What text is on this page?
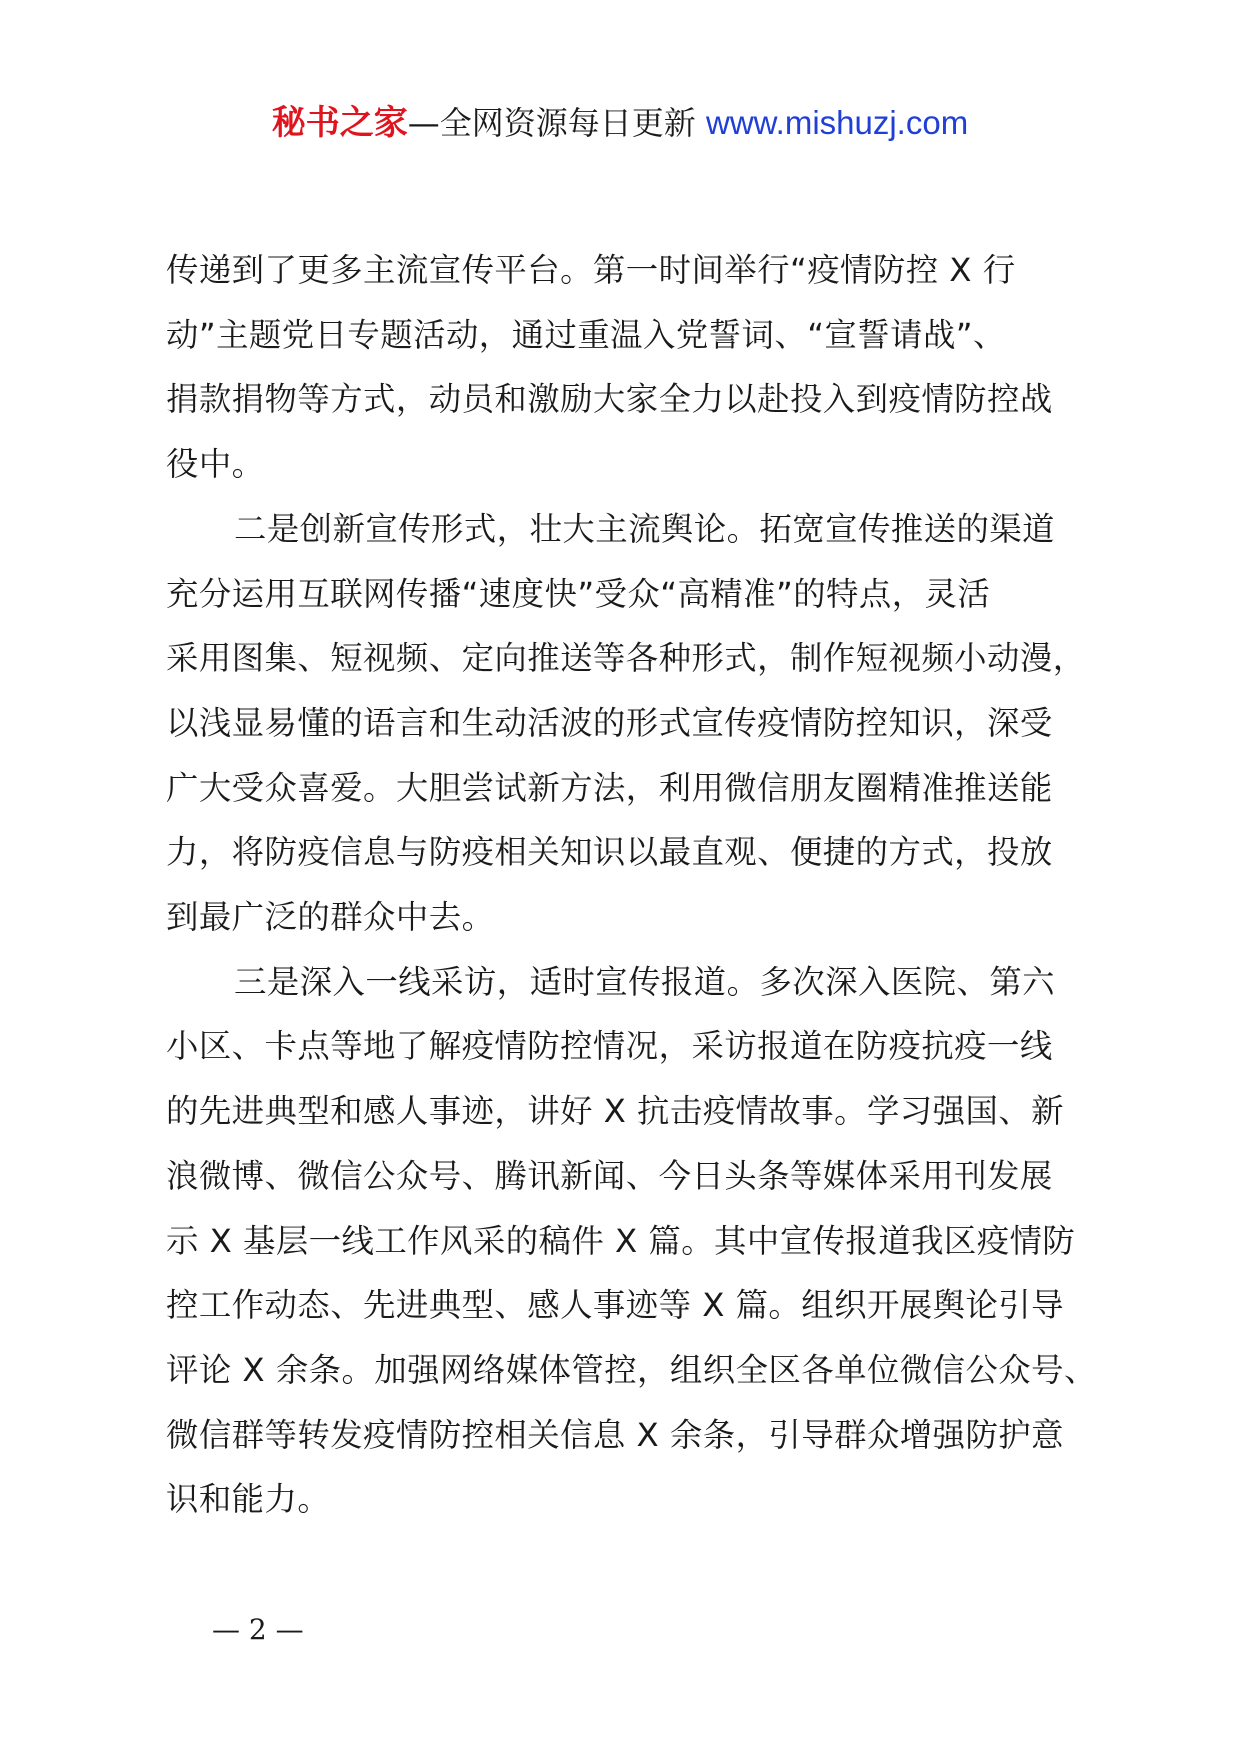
秘书之家—全网资源每日更新 www.mishuzj.com

传递到了更多主流宣传平台。第一时间举行“疫情防控 X 行
动”主题党日专题活动，通过重温入党誓词、“宣誓请战”、
捐款捐物等方式，动员和激励大家全力以赴投入到疫情防控战
役中。

二是创新宣传形式，壮大主流舆论。拓宽宣传推送的渠道
充分运用互联网传播“速度快”受众“高精准”的特点，灵活
采用图集、短视频、定向推送等各种形式，制作短视频小动漫，
以浅显易懂的语言和生动活波的形式宣传疫情防控知识，深受
广大受众喜爱。大胆尝试新方法，利用微信朋友圈精准推送能
力，将防疫信息与防疫相关知识以最直观、便捷的方式，投放
到最广泛的群众中去。

三是深入一线采访，适时宣传报道。多次深入医院、第六
小区、卡点等地了解疫情防控情况，采访报道在防疫抗疫一线
的先进典型和感人事迹，讲好 X 抗击疫情故事。学习强国、新
浪微博、微信公众号、腾讯新闻、今日头条等媒体采用刊发展
示 X 基层一线工作风采的稿件 X 篇。其中宣传报道我区疫情防
控工作动态、先进典型、感人事迹等 X 篇。组织开展舆论引导
评论 X 余条。加强网络媒体管控，组织全区各单位微信公众号、
微信群等转发疫情防控相关信息 X 余条，引导群众增强防护意
识和能力。

— 2 —
